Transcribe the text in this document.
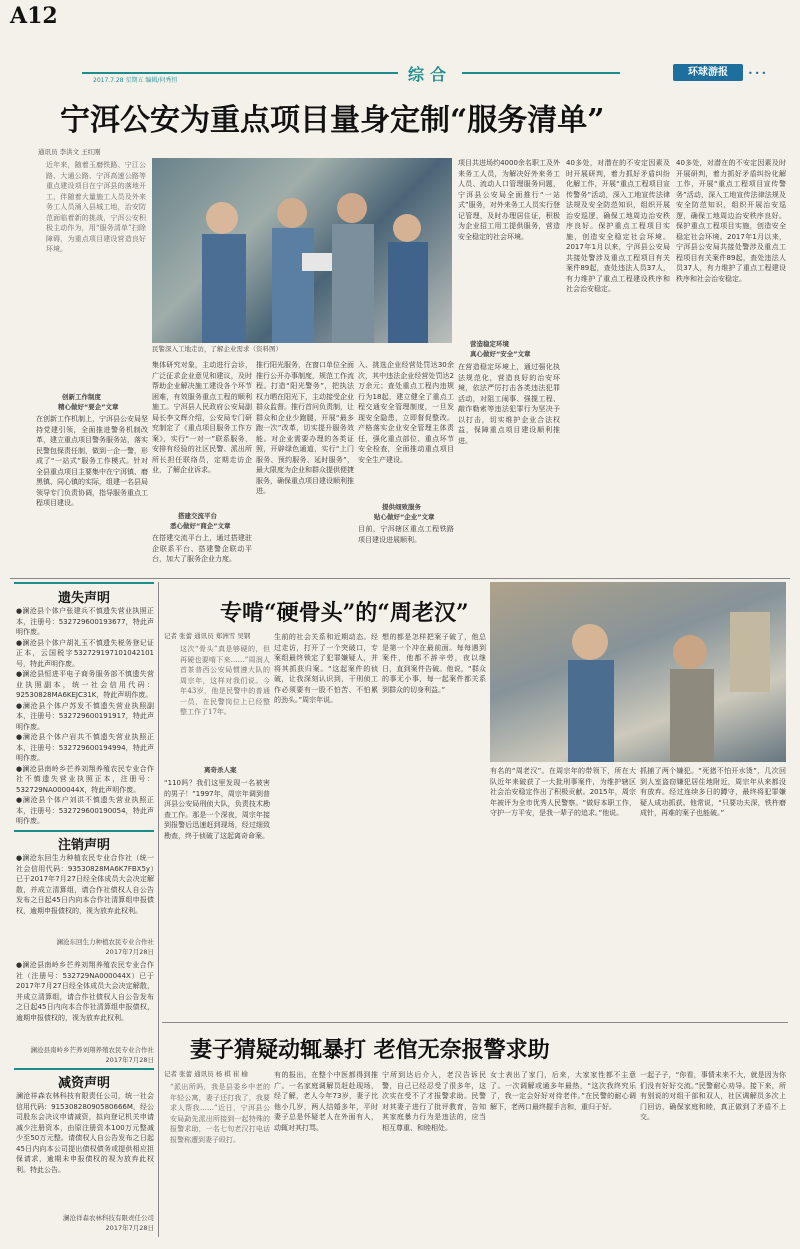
A12
综合
2017.7.28 星期五 编辑/何秀恒
环球游报	•••
宁洱公安为重点项目量身定制“服务清单”
通讯员 李洪文 王红刚
近年来，随着玉磨铁路、宁江公路、大通公路、宁洱高速公路等重点建设项目在宁洱县的落地开工，伴随着大量施工人员及外来务工人员涌入县城工地，治安防范面临着新的挑战，宁洱公安积极主动作为，用“服务清单”扫除障碍，为重点项目建设营造良好环境。
民警深入工地走访，了解企业需求（资料图）
项目共进场约4000余名职工及外来务工人员，为解决好外来务工人员、流动人口管理服务问题，宁洱县公安局全面推行“一站式”服务，对外来务工人员实行登记管理，及时办理居住证，积极为企业招工用工提供服务，营造安全稳定的社会环境。
营造稳定环境
真心做好“安全”文章
在营造稳定环境上，通过强化执法规范化，营造良好的治安环境，依法严厉打击各类违法犯罪活动，对阻工闹事、强揽工程、敲诈勒索等违法犯罪行为坚决予以打击，切实维护企业合法权益，保障重点项目建设顺利推进。
40多处，对潜在的不安定因素及时开展研判，着力抓好矛盾纠纷化解工作，开展“重点工程项目宣传警务”活动，深入工地宣传法律法规及安全防范知识，组织开展治安巡逻，确保工地周边治安秩序良好。保护重点工程项目实施，创造安全稳定社会环境。2017年1月以来，宁洱县公安局共接处警涉及重点工程项目有关案件89起，查处违法人员37人，有力维护了重点工程建设秩序和社会治安稳定。
40多处，对潜在的不安定因素及时开展研判，着力抓好矛盾纠纷化解工作，开展“重点工程项目宣传警务”活动，深入工地宣传法律法规及安全防范知识，组织开展治安巡逻，确保工地周边治安秩序良好。保护重点工程项目实施，创造安全稳定社会环境。2017年1月以来，宁洱县公安局共接处警涉及重点工程项目有关案件89起，查处违法人员37人，有力维护了重点工程建设秩序和社会治安稳定。
创新工作制度
精心做好“要企”文章
在创新工作机制上，宁洱县公安局坚持党建引领，全面推进警务机制改革，建立重点项目警务服务站，落实民警包保责任制，做到一企一警，形成了“一站式”服务工作模式。针对全县重点项目主要集中在宁洱镇、磨黑镇、同心镇的实际，组建一名县局领导专门负责协调，指导服务重点工程项目建设。
集体研究对象，主动进行会诊，广泛征求企业意见和建议，及时帮助企业解决施工建设各个环节困难，有效服务重点工程的顺利施工。宁洱县人民政府公安局副局长李文辉介绍，公安局专门研究制定了《重点项目服务工作方案》，实行“一对一”联系服务，安排有经验的社区民警、派出所所长担任联络员，定期走访企业，了解企业诉求。
搭建交流平台
悉心做好“商企”文章
在搭建交流平台上，通过搭建驻企联系平台、搭建警企联动平台，加大了服务企业力度。
推行阳光服务，在窗口单位全面推行公开办事制度，规范工作流程。打造“阳光警务”，把执法权力晒在阳光下，主动接受企业群众监督。推行首问负责制，让群众和企业少跑腿，开展“最多跑一次”改革，切实提升服务效能。对企业需要办理的各类证照，开辟绿色通道，实行“上门服务、预约服务、延时服务”，最大限度为企业和群众提供便捷服务，确保重点项目建设顺利推进。
入、挑选企业经营处罚达30余次，其中违法企业经营处罚达2万余元；查处重点工程内违规行为18起，建立健全了重点工程交通安全管理制度，一旦发现安全隐患，立即督促整改。产格落实企业安全管理主体责任，强化重点部位、重点环节安全检查，全面推动重点项目安全生产建设。
提供细致服务
贴心做好“企业”文章
目前，宁洱辖区重点工程铁路项目建设进展顺利。
遗失声明
●澜沧县个体户张建兵不慎遗失营业执照正本，注册号：532729600193677，特此声明作废。
●澜沧县个体户胡礼玉不慎遗失税务登记证正本，云国税字532729197101042101号，特此声明作废。
●澜沧县恒进平电子商务服务部不慎遗失营业执照副本，统一社会信用代码：92530828MA6KEJC31K，特此声明作废。
●澜沧县个体户苏发不慎遗失营业执照副本，注册号：532729600191917，特此声明作废。
●澜沧县个体户岩共不慎遗失营业执照正本，注册号：532729600194994，特此声明作废。
●澜沧县南岭乡芒养刘翔养殖农民专业合作社不慎遗失营业执照正本，注册号：532729NA000044X，特此声明作废。
●澜沧县个体户刘洪不慎遗失营业执照正本，注册号：532729600190054，特此声明作废。
注销声明
●澜沧东回生力种植农民专业合作社（统一社会信用代码：93530828MA6K7FBX5y）已于2017年7月27日经全体成员大会决定解散，并成立清算组，请合作社债权人自公告发布之日起45日内向本合作社清算组申报债权，逾期申报债权的，视为放弃此权利。
澜沧东回生力种植农民专业合作社
2017年7月28日
●澜沧县南岭乡芒养刘翔养殖农民专业合作社（注册号：532729NA000044X）已于2017年7月27日经全体成员大会决定解散，并成立清算组，请合作社债权人自公告发布之日起45日内向本合作社清算组申报债权，逾期申报债权的，视为放弃此权利。
澜沧县南岭乡芒养刘翔养殖农民专业合作社
2017年7月28日
减资声明
澜沧祥森农林科技有限责任公司，统一社会信用代码：91530828090580666M，经公司股东会决议申请减资，拟向登记机关申请减少注册资本，由原注册资本100万元整减少至50万元整。请债权人自公告发布之日起45日内向本公司提出债权债务或提供相应担保请求，逾期未申报债权的视为放弃此权利。特此公告。
澜沧祥森农林科技有限责任公司
2017年7月28日
专啃“硬骨头”的“周老汉”
记者 张蕾 通讯员 郑洲雪 吴钢
这次“骨头”真是够硬的，但再硬也要啃下来……”周润人首茶普西公安局惯遵大队的周宗年，这样对我们说。今年43岁，他是民警中的普通一员，在民警岗位上已经整整工作了17年。
离奇杀人案
“110吗？我们这里发现一名被害的男子！”1997年，周宗年调到普洱县公安局刑侦大队，负责技术勘查工作。那是一个深夜，周宗年接到报警后迅速赶到现场，经过细致勘查，终于侦破了这起离奇命案。
生前的社会关系和近期动态。经过走访，打开了一个突破口，专案组最终锁定了犯罪嫌疑人，并将其抓获归案。“这起案件的侦破，让我深刻认识到，干刑侦工作必须要有一股不怕苦、不怕累的劲头。”周宗年说。
想的都是怎样把案子破了，他总是第一个冲在最前面。每每遇到案件，他都不辞辛劳，夜以继日，直到案件告破。他说，“群众的事无小事，每一起案件都关系到群众的切身利益。”
有名的“周老汉”。在周宗年的带领下，所在大队近年来破获了一大批刑事案件，为维护辖区社会治安稳定作出了积极贡献。2015年，周宗年被评为全市优秀人民警察。“做好本职工作，守护一方平安，是我一辈子的追求。”他说。
抓捕了两个嫌犯。“死猪不怕开水烫”，几次回到人室盗窃嫌犯居住地附近，周宗年从来都没有放弃。经过连续多日的蹲守，最终将犯罪嫌疑人成功抓获。他常说，“只要功夫深，铁杵磨成针，再难的案子也能破。”
妻子猜疑动辄暴打 老倌无奈报警求助
记者 张蕾 通讯员 杨 棋 崔 榆
“派出所吗，我是县委乡中老的年轻公寓，妻子还打我了，我要求人帮我……”近日，宁洱县公安局勐先派出所接到一起特殊的报警求助，一名七旬老汉打电话报警称遭到妻子殴打。
有的报出，在整个中医都得到推广。一名家庭调解员赶赴现场，经了解，老人今年73岁，妻子比他小几岁，两人结婚多年，平时妻子总是怀疑老人在外面有人，动辄对其打骂。
宁所到达后介入，老汉告诉民警，自己已经忍受了很多年，这次实在受不了才报警求助。民警对其妻子进行了批评教育，告知其家庭暴力行为是违法的，应当相互尊重、和睦相处。
女士表出了家门，后来，大家家性都不主意了。一次调解或通多年最热，“这次我终究乐了，我一定会好好对待老伴。”在民警的耐心调解下，老两口最终握手言和，重归于好。
一起子子，“你看，事情未来不大，就是因为你们没有好好交流。”民警耐心劝导。接下来，所有别说的对组干部和双人，社区调解员多次上门回访，确保家庭和睦，真正做到了矛盾不上交。
